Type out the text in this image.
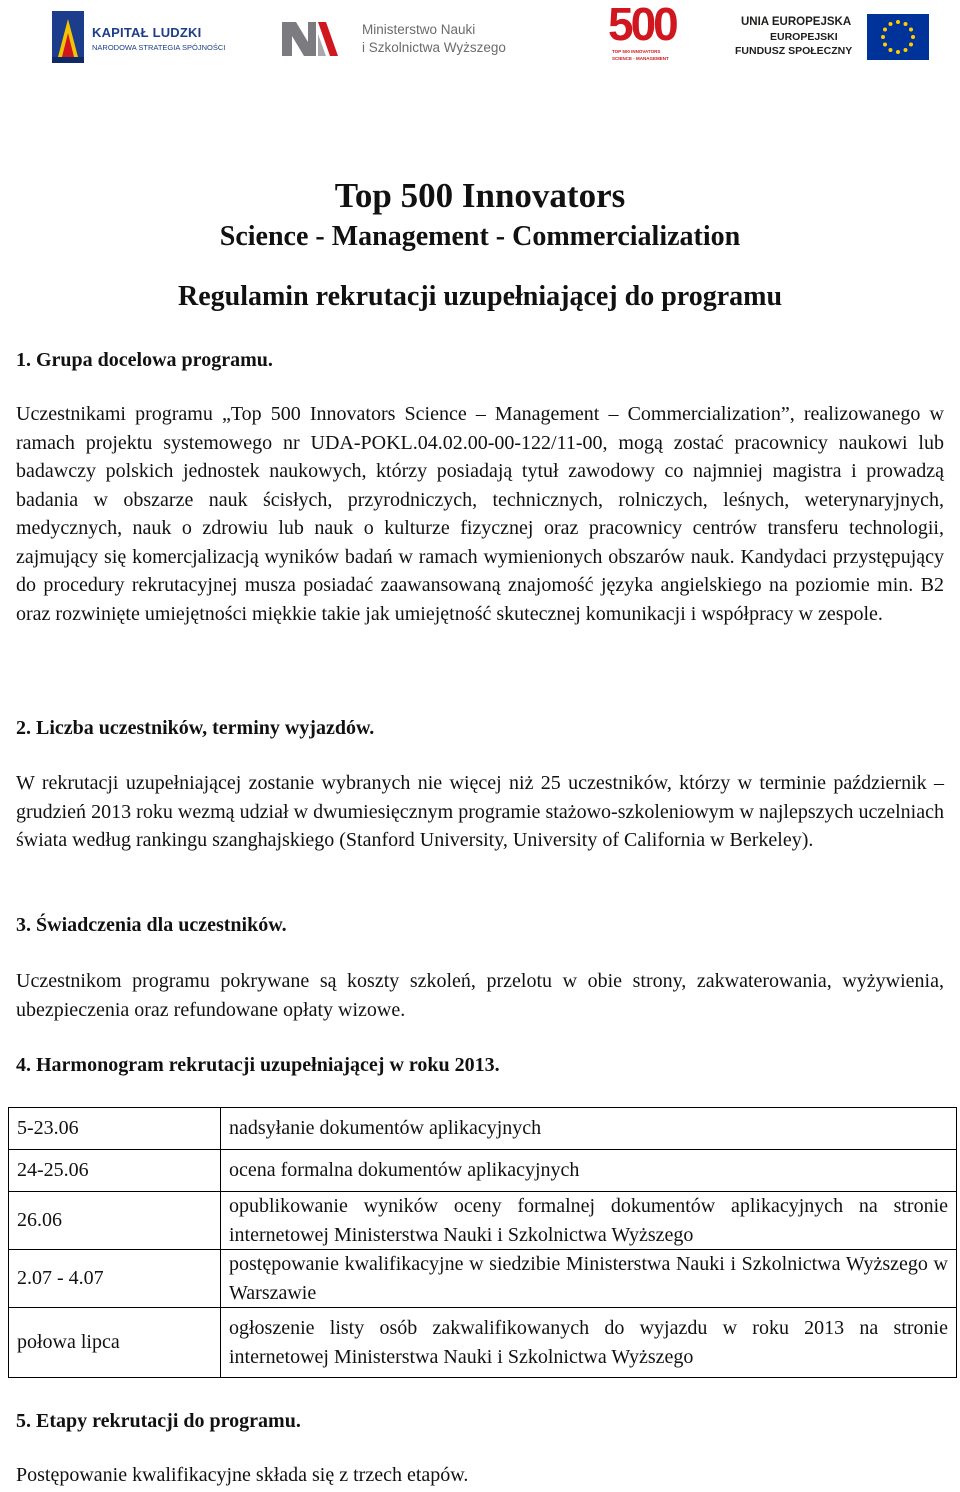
KAPITAŁ LUDZKI
NARODOWA STRATEGIA SPÓJNOŚCI
Ministerstwo Nauki
i Szkolnictwa Wyższego 500
TOP 500 INNOVATORS
SCIENCE · MANAGEMENT
UNIA EUROPEJSKA
EUROPEJSKI
FUNDUSZ SPOŁECZNY
Top 500 Innovators
Science - Management - Commercialization
Regulamin rekrutacji uzupełniającej do programu
1. Grupa docelowa programu.
Uczestnikami programu „Top 500 Innovators Science ‒ Management ‒ Commercialization”, realizowanego w ramach projektu systemowego nr UDA-POKL.04.02.00-00-122/11-00, mogą zostać pracownicy naukowi lub badawczy polskich jednostek naukowych, którzy posiadają tytuł zawodowy co najmniej magistra i prowadzą badania w obszarze nauk ścisłych, przyrodniczych, technicznych, rolniczych, leśnych, weterynaryjnych, medycznych, nauk o zdrowiu lub nauk o kulturze fizycznej oraz pracownicy centrów transferu technologii, zajmujący się komercjalizacją wyników badań w ramach wymienionych obszarów nauk. Kandydaci przystępujący do procedury rekrutacyjnej musza posiadać zaawansowaną znajomość języka angielskiego na poziomie min. B2 oraz rozwinięte umiejętności miękkie takie jak umiejętność skutecznej komunikacji i współpracy w zespole.
2. Liczba uczestników, terminy wyjazdów.
W rekrutacji uzupełniającej zostanie wybranych nie więcej niż 25 uczestników, którzy w terminie październik ‒ grudzień 2013 roku wezmą udział w dwumiesięcznym programie stażowo-szkoleniowym w najlepszych uczelniach świata według rankingu szanghajskiego (Stanford University, University of California w Berkeley).
3. Świadczenia dla uczestników.
Uczestnikom programu pokrywane są koszty szkoleń, przelotu w obie strony, zakwaterowania, wyżywienia, ubezpieczenia oraz refundowane opłaty wizowe.
4. Harmonogram rekrutacji uzupełniającej w roku 2013.
5-23.06	nadsyłanie dokumentów aplikacyjnych
24-25.06	ocena formalna dokumentów aplikacyjnych
26.06	opublikowanie wyników oceny formalnej dokumentów aplikacyjnych na stronie internetowej Ministerstwa Nauki i Szkolnictwa Wyższego
2.07 - 4.07	postępowanie kwalifikacyjne w siedzibie Ministerstwa Nauki i Szkolnictwa Wyższego w Warszawie
połowa lipca	ogłoszenie listy osób zakwalifikowanych do wyjazdu w roku 2013 na stronie internetowej Ministerstwa Nauki i Szkolnictwa Wyższego
5. Etapy rekrutacji do programu.
Postępowanie kwalifikacyjne składa się z trzech etapów.
